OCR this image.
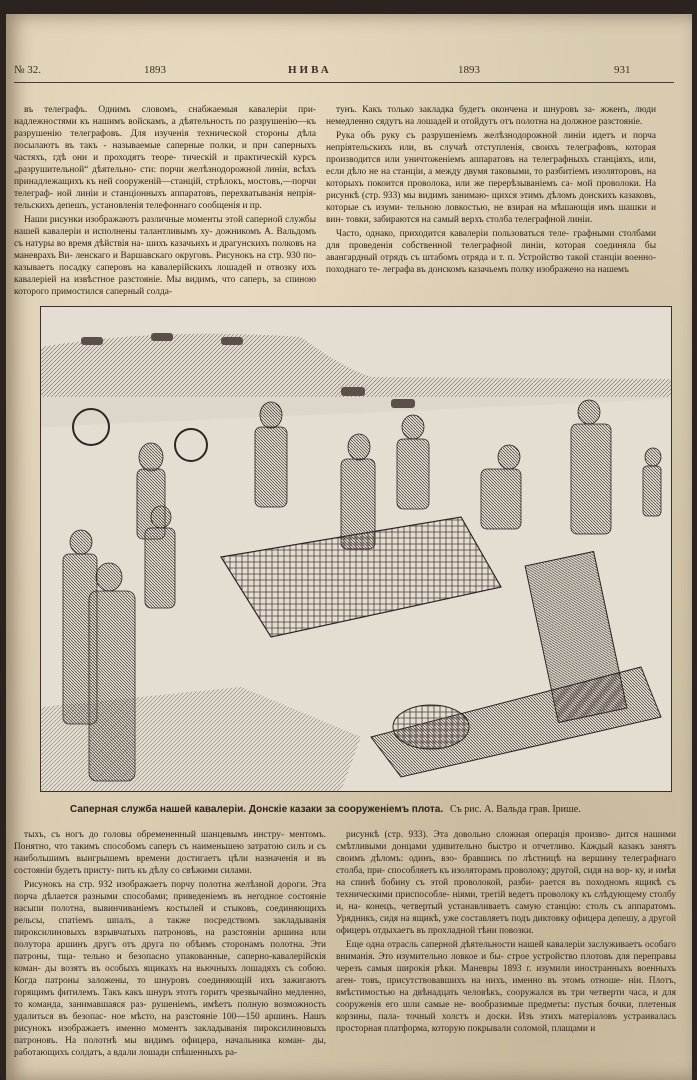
№ 32.	1893	НИВА	1893	931

въ телеграфъ. Однимъ словомъ, снабжаемыя кавалеріи при- надлежностями къ нашимъ войскамъ, а дѣятельность по разрушенію—къ разрушенію телеграфовъ. Для изученія технической стороны дѣла посылаютъ въ такъ - называемые саперные полки, и при саперныхъ частяхъ, гдѣ они и проходятъ теоре- тическій и практическій курсъ „разрушительной“ дѣятельно- сти: порчи желѣзнодорожной линіи, всѣхъ принадлежащихъ къ ней сооруженій—станцій, стрѣлокъ, мостовъ,—порчи телеграф- ной линіи и станціонныхъ аппаратовъ, перехватыванія непрія- тельскихъ депешъ, установленія телефоннаго сообщенія и пр.

Наши рисунки изображаютъ различные моменты этой саперной службы нашей кавалеріи и исполнены талантливымъ ху- дожникомъ А. Вальдомъ съ натуры во время дѣйствія на- шихъ казачьихъ и драгунскихъ полковъ на маневрахъ Ви- ленскаго и Варшавскаго округовъ. Рисунокъ на стр. 930 по- казываетъ посадку саперовъ на кавалерійскихъ лошадей и отвозку ихъ кавалеріей на извѣстное разстояніе. Мы видимъ, что саперъ, за спиною которого примостился саперный солда-

тунъ. Какъ только закладка будетъ окончена и шнуровъ за- жженъ, люди немедленно сядутъ на лошадей и отойдутъ отъ полотна на должное разстояніе.

Рука объ руку съ разрушеніемъ желѣзнодорожной линіи идетъ и порча непріятельскихъ или, въ случаѣ отступленія, своихъ телеграфовъ, которая производится или уничтоженіемъ аппаратовъ на телеграфныхъ станціяхъ, или, если дѣло не на станціи, а между двумя таковыми, то разбитіемъ изоляторовъ, на которыхъ покоится проволока, или же перерѣзываніемъ са- мой проволоки. На рисункѣ (стр. 933) мы видимъ занимаю- щихся этимъ дѣломъ донскихъ казаковъ, которые съ изуми- тельною ловкостью, не взирая на мѣшающія имъ шашки и вин- товки, забираются на самый верхъ столба телеграфной линіи.

Часто, однако, приходится кавалеріи пользоваться теле- графными столбами для проведенія собственной телеграфной линіи, которая соединяла бы авангардный отрядъ съ штабомъ отряда и т. п. Устройство такой станціи военно-походнаго те- леграфа въ донскомъ казачьемъ полку изображено на нашемъ

Саперная служба нашей кавалеріи. Донскіе казаки за сооруженіемъ плота. Съ рис. А. Вальда грав. Ірише.

тыхъ, съ ногъ до головы обремененный шанцевымъ инстру- ментомъ. Понятно, что такимъ способомъ саперъ съ наименьшею затратою силъ и съ наибольшимъ выигрышемъ времени достигаетъ цѣли назначенія и въ состояніи будетъ присту- пить къ дѣлу со свѣжими силами.

Рисунокъ на стр. 932 изображаетъ порчу полотна желѣзной дороги. Эта порча дѣлается разными способами; приведеніемъ въ негодное состояніе насыпи полотна, вывинчиваніемъ костылей и стыковъ, соединяющихъ рельсы, спатіемъ шпалъ, а также посредствомъ закладыванія пироксилиновыхъ взрывчатыхъ патроновъ, на разстояніи аршина или полутора аршинъ другъ отъ друга по обѣимъ сторонамъ полотна. Эти патроны, тща- тельно и безопасно упакованные, саперно-кавалерійскія коман- ды возятъ въ особыхъ ящикахъ на вьючныхъ лошадяхъ съ собою. Когда патроны заложены, то шнуровъ соединяющій ихъ зажигаютъ горящимъ фитилемъ. Такъ какъ шнуръ этотъ горитъ чрезвычайно медленно, то команда, занимавшаяся раз- рушеніемъ, имѣетъ полную возможность удалиться въ безопас- ное мѣсто, на разстояніе 100—150 аршинъ. Нашъ рисунокъ изображаетъ именно моментъ закладыванія пироксилиновыхъ патроновъ. На полотнѣ мы видимъ офицера, начальника коман- ды, работающихъ солдатъ, а вдали лошади спѣшенныхъ ра-

рисункѣ (стр. 933). Эта довольно сложная операція произво- дится нашими смѣтливыми донцами удивительно быстро и отчетливо. Каждый казакъ занятъ своимъ дѣломъ: одинъ, взо- бравшись по лѣстницѣ на вершину телеграфнаго столба, при- способляетъ къ изоляторамъ проволоку; другой, сидя на вор- ку, и имѣя на спинѣ бобину съ этой проволокой, разби- рается въ походномъ ящикѣ съ техническими приспособле- ніями, третій ведетъ проволоку къ слѣдующему столбу и, на- конецъ, четвертый устанавливаетъ самую станцію: столъ съ аппаратомъ. Урядникъ, сидя на ящикѣ, уже составляетъ подъ диктовку офицера депешу, а другой офицеръ отдыхаетъ въ прохладной тѣни повозки.

Еще одна отрасль саперной дѣятельности нашей кавалеріи заслуживаетъ особаго вниманія. Это изумительно ловкое и бы- строе устройство плотовъ для переправы черезъ самыя широкія рѣки. Маневры 1893 г. изумили иностранныхъ военныхъ аген- товъ, присутствовавшихъ на нихъ, именно въ этомъ отноше- ніи. Плотъ, вмѣстимостью на двѣнадцать человѣкъ, сооружался въ три четверти часа, и для сооруженія его шли самые не- вообразимые предметы: пустыя бочки, плетеныя корзины, пала- точный холстъ и доски. Изъ этихъ матеріаловъ устраивалась просторная платформа, которую покрывали соломой, плащами и
